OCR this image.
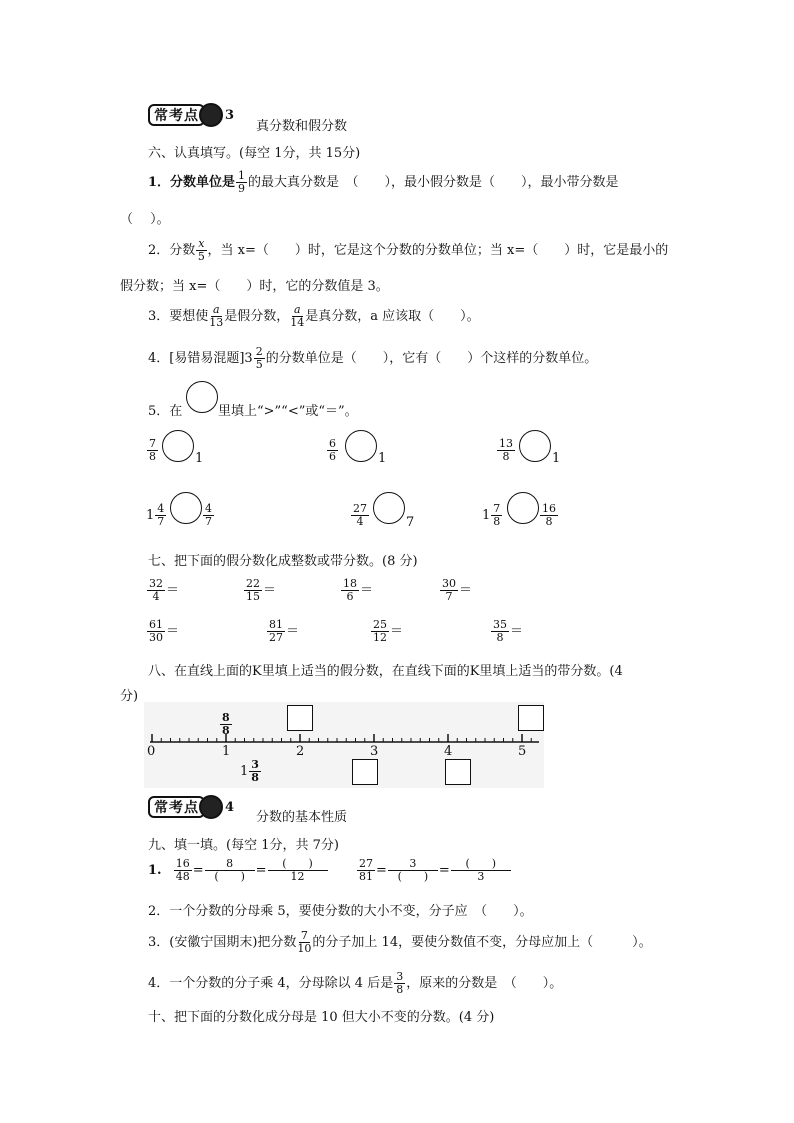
常考点	3
真分数和假分数
六、认真填写。(每空 1分，共 15分)
1．分数单位是 $\frac{1}{9}$ 的最大真分数是　（　　），最小假分数是（　　），最小带分数是
（　 ）。
2．分数 $\frac{x}{5}$ ，当 x=（　　）时，它是这个分数的分数单位；当 x=（　　）时，它是最小的
假分数；当 x=（　　）时，它的分数值是 3。
3．要想使 $\frac{a}{13}$ 是假分数， $\frac{a}{14}$ 是真分数，a 应该取（　　）。
4．[易错易混题]$3 \frac{2}{5}$ 的分数单位是（　　），它有（　　）个这样的分数单位。
5．在	里填上“>”“<”或“＝”。
$\frac{7}{8}$	1	$\frac{6}{6}$	1	$\frac{13}{8}$	1
$1 \frac{4}{7}$	$\frac{4}{7}$	$\frac{27}{4}$	7	$1 \frac{7}{8}$	$\frac{16}{8}$
七、把下面的假分数化成整数或带分数。(8 分)
$\frac{32}{4}$ ＝	$\frac{22}{15}$ ＝	$\frac{18}{6}$ ＝	$\frac{30}{7}$ ＝
$\frac{61}{30}$ ＝	$\frac{81}{27}$ ＝	$\frac{25}{12}$ ＝	$\frac{35}{8}$ ＝
八、在直线上面的K里填上适当的假分数，在直线下面的K里填上适当的带分数。(4
分)
0	1	2	3	4	5
$\frac{8}{8}$
$1 \frac{3}{8}$
常考点	4
分数的基本性质
九、填一填。(每空 1分，共 7分)
1. $\frac{16}{48} = \frac{8}{( )} = \frac{( )}{12}$	$\frac{27}{81} = \frac{3}{( )} = \frac{( )}{3}$
2．一个分数的分母乘 5，要使分数的大小不变，分子应　（　　）。
3．(安徽宁国期末)把分数 $\frac{7}{10}$ 的分子加上 14，要使分数值不变，分母应加上（　　　）。
4．一个分数的分子乘 4，分母除以 4 后是 $\frac{3}{8}$ ，原来的分数是　（　　）。
十、把下面的分数化成分母是 10 但大小不变的分数。(4 分)
